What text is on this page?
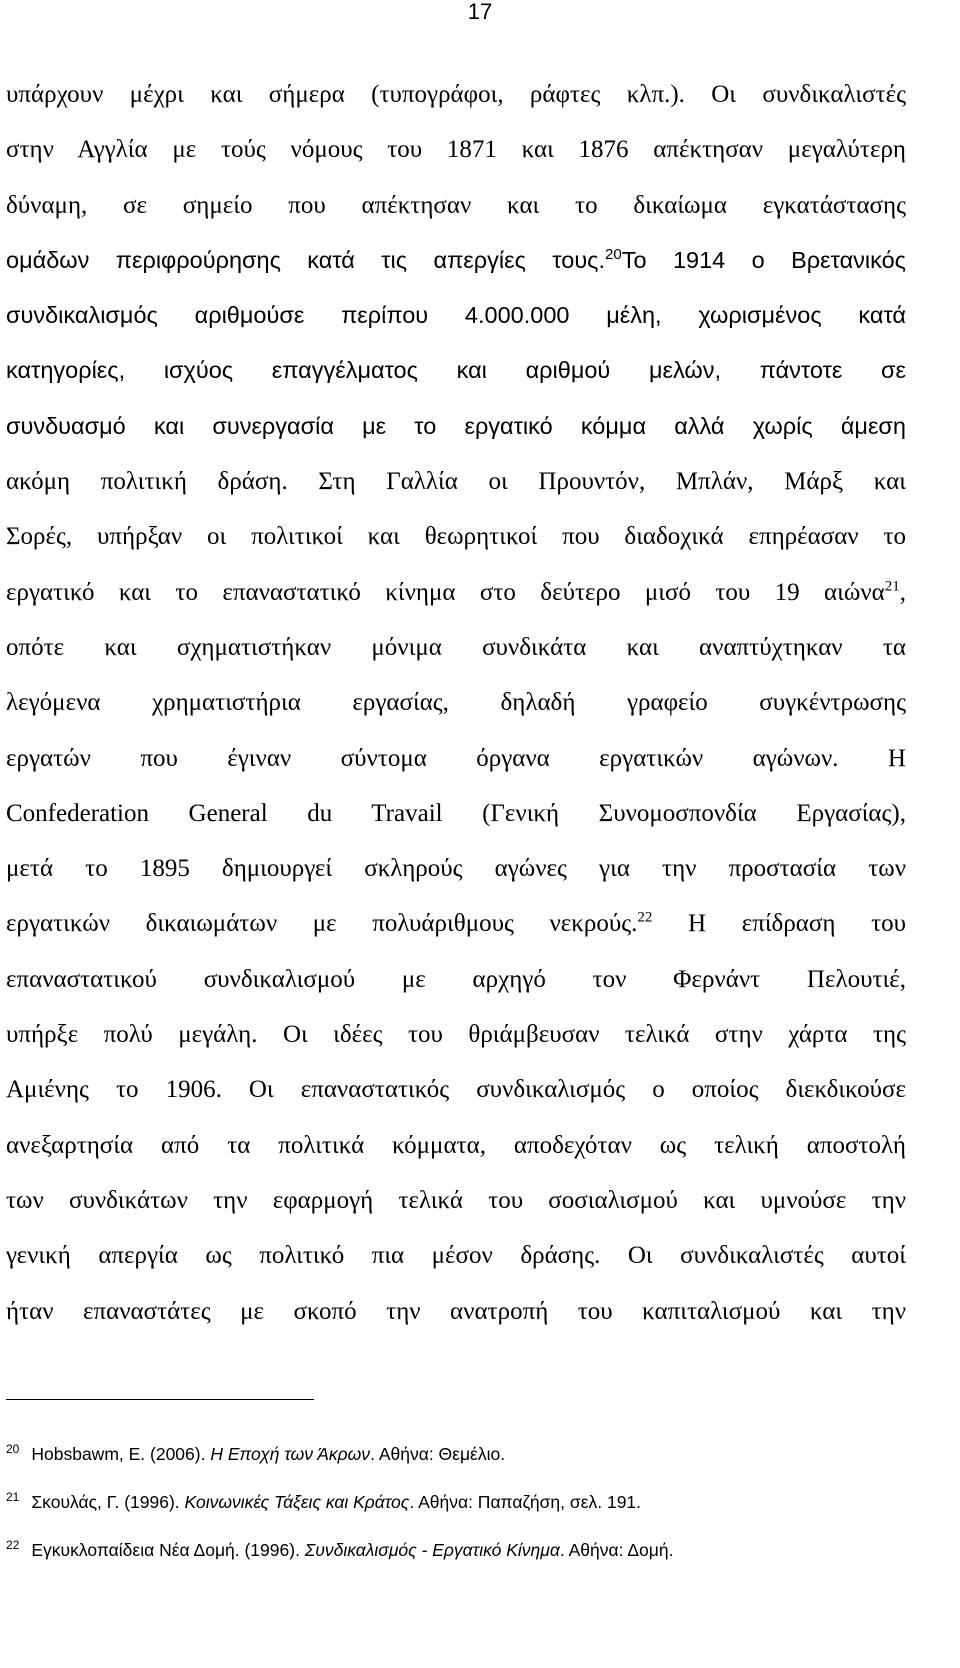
17
υπάρχουν μέχρι και σήμερα (τυπογράφοι, ράφτες κλπ.). Οι συνδικαλιστές
στην Αγγλία με τούς νόμους του 1871 και 1876 απέκτησαν μεγαλύτερη
δύναμη, σε σημείο που απέκτησαν και το δικαίωμα εγκατάστασης
ομάδων περιφρούρησης κατά τις απεργίες τους.$^{20}$Το 1914 ο Βρετανικός
συνδικαλισμός αριθμούσε περίπου 4.000.000 μέλη, χωρισμένος κατά
κατηγορίες, ισχύος επαγγέλματος και αριθμού μελών, πάντοτε σε
συνδυασμό και συνεργασία με το εργατικό κόμμα αλλά χωρίς άμεση
ακόμη πολιτική δράση. Στη Γαλλία οι Πρoυντόν, Μπλάν, Μάρξ και
Σορές, υπήρξαν οι πολιτικοί και θεωρητικοί που διαδοχικά επηρέασαν το
εργατικό και το επαναστατικό κίνημα στο δεύτερο μισό του 19 αιώνα$^{21}$,
οπότε και σχηματιστήκαν μόνιμα συνδικάτα και αναπτύχτηκαν τα
λεγόμενα χρηματιστήρια εργασίας, δηλαδή γραφείο συγκέντρωσης
εργατών που έγιναν σύντομα όργανα εργατικών αγώνων. Η
Confederation General du Travail (Γενική Συνομοσπονδία Εργασίας),
μετά το 1895 δημιουργεί σκληρούς αγώνες για την προστασία των
εργατικών δικαιωμάτων με πολυάριθμους νεκρούς.$^{22}$ Η επίδραση του
επαναστατικού συνδικαλισμού με αρχηγό τον Φερνάντ Πελουτιέ,
υπήρξε πολύ μεγάλη. Οι ιδέες του θριάμβευσαν τελικά στην χάρτα της
Αμιένης το 1906. Οι επαναστατικός συνδικαλισμός ο οποίος διεκδικούσε
ανεξαρτησία από τα πολιτικά κόμματα, αποδεχόταν ως τελική αποστολή
των συνδικάτων την εφαρμογή τελικά του σοσιαλισμού και υμνούσε την
γενική απεργία ως πολιτικό πια μέσον δράσης. Οι συνδικαλιστές αυτοί
ήταν επαναστάτες με σκοπό την ανατροπή του καπιταλισμού και την
$^{20}$ Hobsbawm, E. (2006). Η Εποχή των Άκρων. Αθήνα: Θεμέλιο.
$^{21}$ Σκουλάς, Γ. (1996). Κοινωνικές Τάξεις και Κράτος. Αθήνα: Παπαζήση, σελ. 191.
$^{22}$ Εγκυκλοπαίδεια Νέα Δομή. (1996). Συνδικαλισμός - Εργατικό Κίνημα. Αθήνα: Δομή.
